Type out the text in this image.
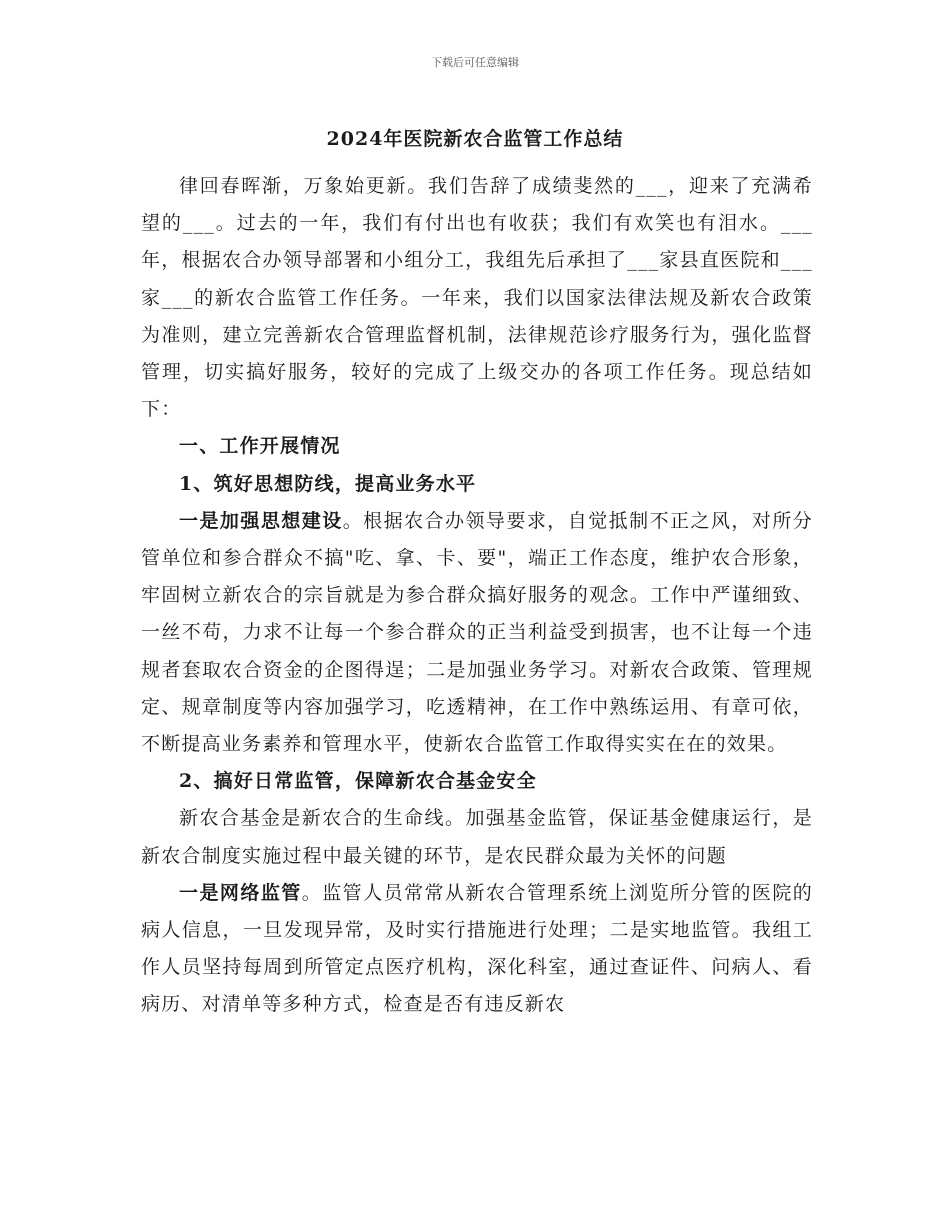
下载后可任意编辑
2024年医院新农合监管工作总结

律回春晖渐，万象始更新。我们告辞了成绩斐然的___，迎来了充满希望的___。过去的一年，我们有付出也有收获；我们有欢笑也有泪水。___年，根据农合办领导部署和小组分工，我组先后承担了___家县直医院和___家___的新农合监管工作任务。一年来，我们以国家法律法规及新农合政策为准则，建立完善新农合管理监督机制，法律规范诊疗服务行为，强化监督管理，切实搞好服务，较好的完成了上级交办的各项工作任务。现总结如下：

一、工作开展情况

1、筑好思想防线，提高业务水平

一是加强思想建设。根据农合办领导要求，自觉抵制不正之风，对所分管单位和参合群众不搞"吃、拿、卡、要"，端正工作态度，维护农合形象，牢固树立新农合的宗旨就是为参合群众搞好服务的观念。工作中严谨细致、一丝不苟，力求不让每一个参合群众的正当利益受到损害，也不让每一个违规者套取农合资金的企图得逞；二是加强业务学习。对新农合政策、管理规定、规章制度等内容加强学习，吃透精神，在工作中熟练运用、有章可依，不断提高业务素养和管理水平，使新农合监管工作取得实实在在的效果。

2、搞好日常监管，保障新农合基金安全

新农合基金是新农合的生命线。加强基金监管，保证基金健康运行，是新农合制度实施过程中最关键的环节，是农民群众最为关怀的问题

一是网络监管。监管人员常常从新农合管理系统上浏览所分管的医院的病人信息，一旦发现异常，及时实行措施进行处理；二是实地监管。我组工作人员坚持每周到所管定点医疗机构，深化科室，通过查证件、问病人、看病历、对清单等多种方式，检查是否有违反新农
